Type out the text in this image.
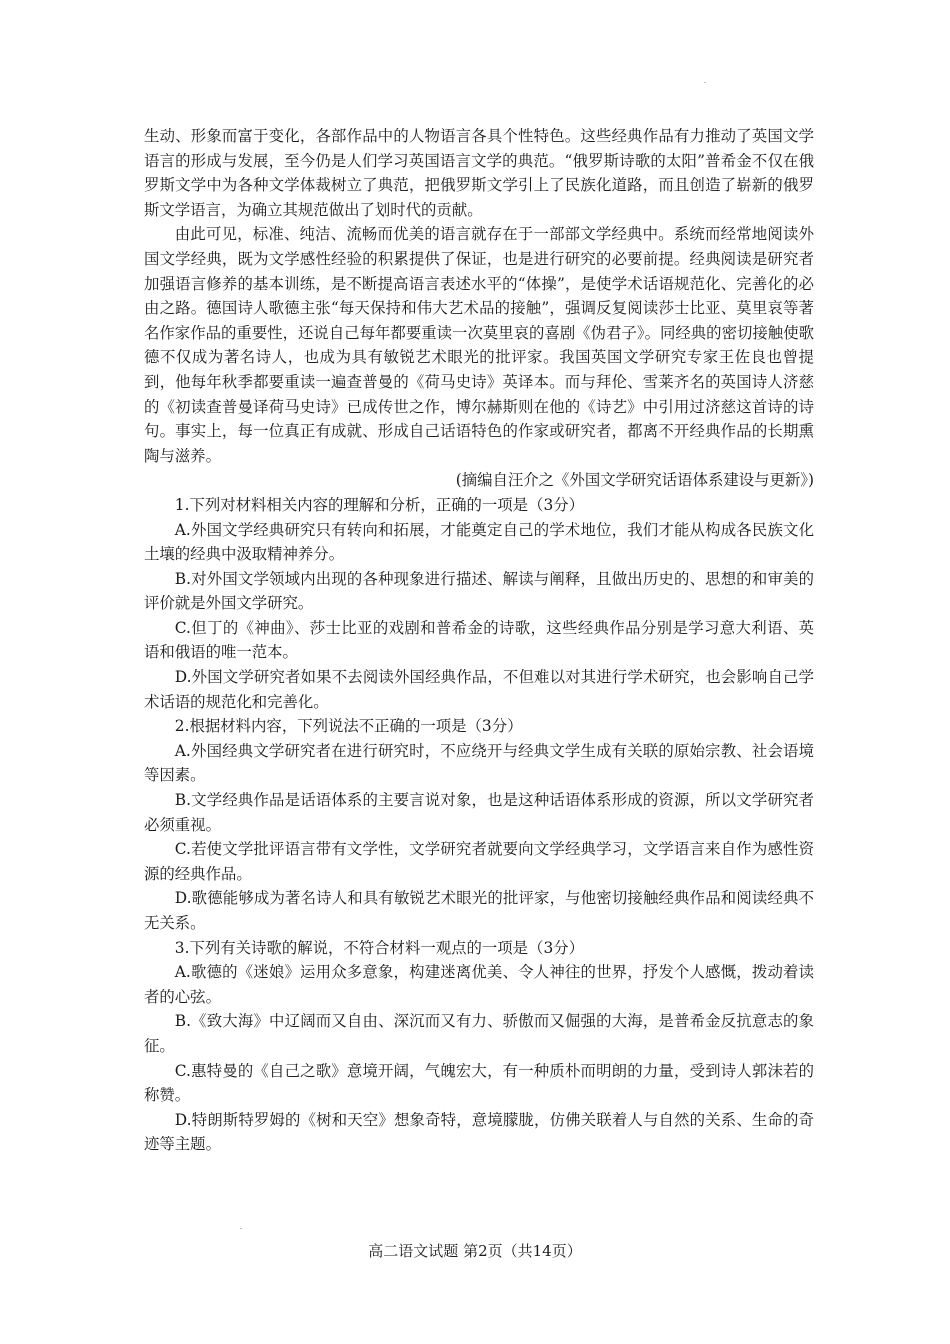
生动、形象而富于变化，各部作品中的人物语言各具个性特色。这些经典作品有力推动了英国文学语言的形成与发展，至今仍是人们学习英国语言文学的典范。“俄罗斯诗歌的太阳”普希金不仅在俄罗斯文学中为各种文学体裁树立了典范，把俄罗斯文学引上了民族化道路，而且创造了崭新的俄罗斯文学语言，为确立其规范做出了划时代的贡献。

由此可见，标准、纯洁、流畅而优美的语言就存在于一部部文学经典中。系统而经常地阅读外国文学经典，既为文学感性经验的积累提供了保证，也是进行研究的必要前提。经典阅读是研究者加强语言修养的基本训练，是不断提高语言表述水平的“体操”，是使学术话语规范化、完善化的必由之路。德国诗人歌德主张“每天保持和伟大艺术品的接触”，强调反复阅读莎士比亚、莫里哀等著名作家作品的重要性，还说自己每年都要重读一次莫里哀的喜剧《伪君子》。同经典的密切接触使歌德不仅成为著名诗人，也成为具有敏锐艺术眼光的批评家。我国英国文学研究专家王佐良也曾提到，他每年秋季都要重读一遍查普曼的《荷马史诗》英译本。而与拜伦、雪莱齐名的英国诗人济慈的《初读查普曼译荷马史诗》已成传世之作，博尔赫斯则在他的《诗艺》中引用过济慈这首诗的诗句。事实上，每一位真正有成就、形成自己话语特色的作家或研究者，都离不开经典作品的长期熏陶与滋养。

(摘编自汪介之《外国文学研究话语体系建设与更新》)

1.下列对材料相关内容的理解和分析，正确的一项是（3分）

A.外国文学经典研究只有转向和拓展，才能奠定自己的学术地位，我们才能从构成各民族文化土壤的经典中汲取精神养分。

B.对外国文学领域内出现的各种现象进行描述、解读与阐释，且做出历史的、思想的和审美的评价就是外国文学研究。

C.但丁的《神曲》、莎士比亚的戏剧和普希金的诗歌，这些经典作品分别是学习意大利语、英语和俄语的唯一范本。

D.外国文学研究者如果不去阅读外国经典作品，不但难以对其进行学术研究，也会影响自己学术话语的规范化和完善化。

2.根据材料内容，下列说法不正确的一项是（3分）

A.外国经典文学研究者在进行研究时，不应绕开与经典文学生成有关联的原始宗教、社会语境等因素。

B.文学经典作品是话语体系的主要言说对象，也是这种话语体系形成的资源，所以文学研究者必须重视。

C.若使文学批评语言带有文学性，文学研究者就要向文学经典学习，文学语言来自作为感性资源的经典作品。

D.歌德能够成为著名诗人和具有敏锐艺术眼光的批评家，与他密切接触经典作品和阅读经典不无关系。

3.下列有关诗歌的解说，不符合材料一观点的一项是（3分）

A.歌德的《迷娘》运用众多意象，构建迷离优美、令人神往的世界，抒发个人感慨，拨动着读者的心弦。

B.《致大海》中辽阔而又自由、深沉而又有力、骄傲而又倔强的大海，是普希金反抗意志的象征。

C.惠特曼的《自己之歌》意境开阔，气魄宏大，有一种质朴而明朗的力量，受到诗人郭沫若的称赞。

D.特朗斯特罗姆的《树和天空》想象奇特，意境朦胧，仿佛关联着人与自然的关系、生命的奇迹等主题。

高二语文试题 第2页（共14页）
